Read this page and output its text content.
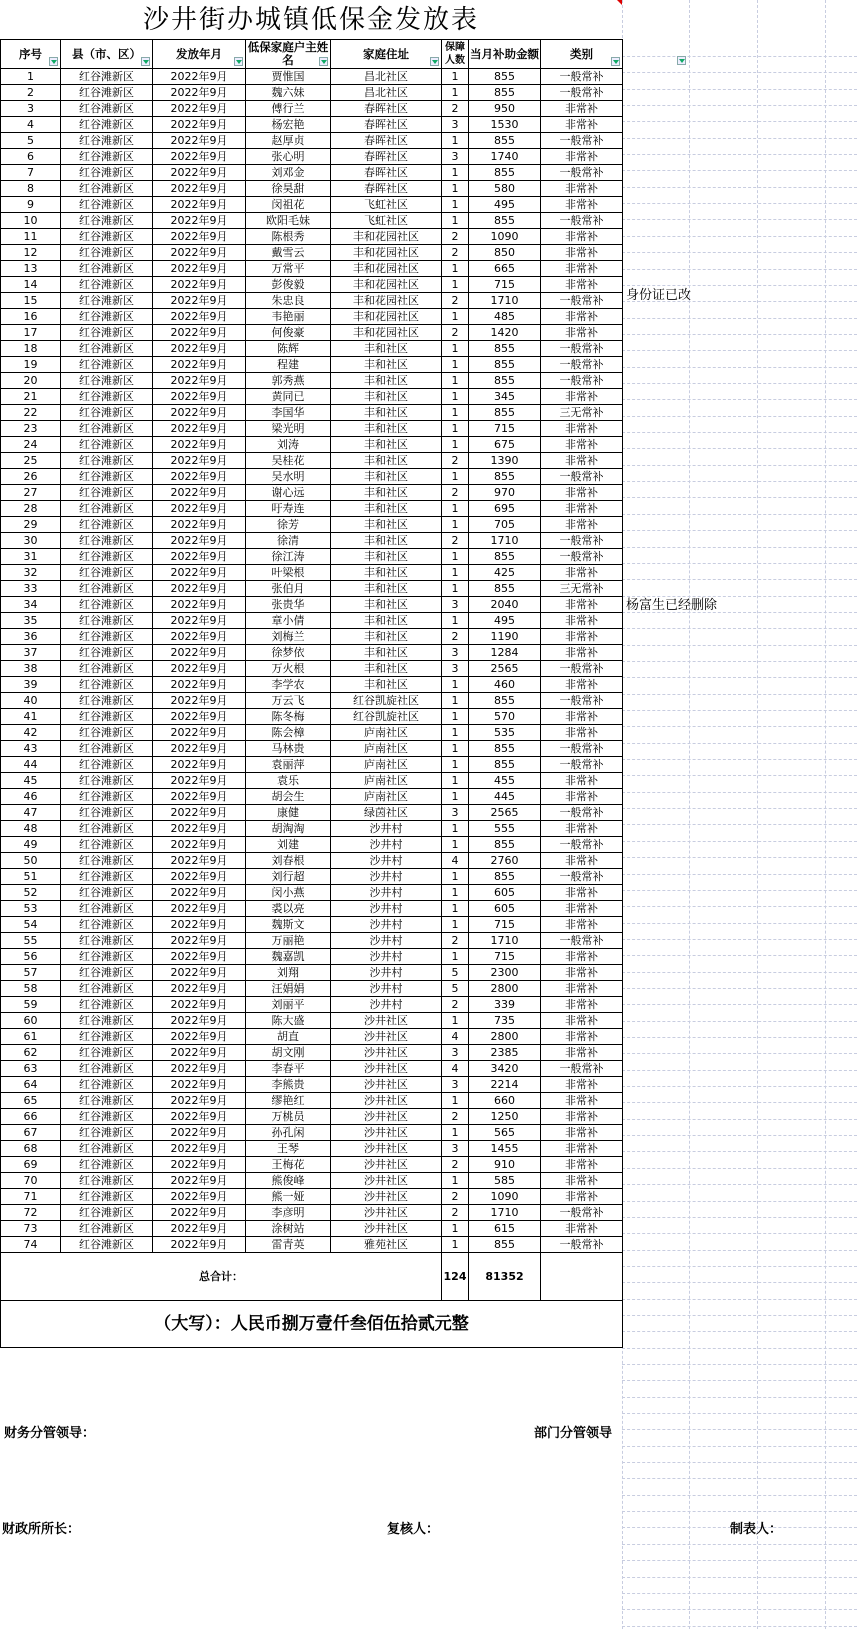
沙井街办城镇低保金发放表
序号	县（市、区）	发放年月	低保家庭户主姓名	家庭住址	保障人数	当月补助金额	类别

1	红谷滩新区	2022年9月	贾惟国	昌北社区	1	855	一般常补
2	红谷滩新区	2022年9月	魏六妹	昌北社区	1	855	一般常补
3	红谷滩新区	2022年9月	傅行兰	春晖社区	2	950	非常补
4	红谷滩新区	2022年9月	杨宏艳	春晖社区	3	1530	非常补
5	红谷滩新区	2022年9月	赵厚贞	春晖社区	1	855	一般常补
6	红谷滩新区	2022年9月	张心明	春晖社区	3	1740	非常补
7	红谷滩新区	2022年9月	刘邓金	春晖社区	1	855	一般常补
8	红谷滩新区	2022年9月	徐昊甜	春晖社区	1	580	非常补
9	红谷滩新区	2022年9月	闵祖花	飞虹社区	1	495	非常补
10	红谷滩新区	2022年9月	欧阳毛妹	飞虹社区	1	855	一般常补
11	红谷滩新区	2022年9月	陈根秀	丰和花园社区	2	1090	非常补
12	红谷滩新区	2022年9月	戴雪云	丰和花园社区	2	850	非常补
13	红谷滩新区	2022年9月	万常平	丰和花园社区	1	665	非常补
14	红谷滩新区	2022年9月	彭俊毅	丰和花园社区	1	715	非常补
15	红谷滩新区	2022年9月	朱忠良	丰和花园社区	2	1710	一般常补
16	红谷滩新区	2022年9月	韦艳丽	丰和花园社区	1	485	非常补
17	红谷滩新区	2022年9月	何俊豪	丰和花园社区	2	1420	非常补
18	红谷滩新区	2022年9月	陈辉	丰和社区	1	855	一般常补
19	红谷滩新区	2022年9月	程建	丰和社区	1	855	一般常补
20	红谷滩新区	2022年9月	郭秀燕	丰和社区	1	855	一般常补
21	红谷滩新区	2022年9月	黄同已	丰和社区	1	345	非常补
22	红谷滩新区	2022年9月	李国华	丰和社区	1	855	三无常补
23	红谷滩新区	2022年9月	梁光明	丰和社区	1	715	非常补
24	红谷滩新区	2022年9月	刘涛	丰和社区	1	675	非常补
25	红谷滩新区	2022年9月	吴桂花	丰和社区	2	1390	非常补
26	红谷滩新区	2022年9月	吴水明	丰和社区	1	855	一般常补
27	红谷滩新区	2022年9月	谢心远	丰和社区	2	970	非常补
28	红谷滩新区	2022年9月	吁寿连	丰和社区	1	695	非常补
29	红谷滩新区	2022年9月	徐芳	丰和社区	1	705	非常补
30	红谷滩新区	2022年9月	徐清	丰和社区	2	1710	一般常补
31	红谷滩新区	2022年9月	徐江涛	丰和社区	1	855	一般常补
32	红谷滩新区	2022年9月	叶梁根	丰和社区	1	425	非常补
33	红谷滩新区	2022年9月	张伯月	丰和社区	1	855	三无常补
34	红谷滩新区	2022年9月	张贵华	丰和社区	3	2040	非常补
35	红谷滩新区	2022年9月	章小倩	丰和社区	1	495	非常补
36	红谷滩新区	2022年9月	刘梅兰	丰和社区	2	1190	非常补
37	红谷滩新区	2022年9月	徐梦依	丰和社区	3	1284	非常补
38	红谷滩新区	2022年9月	万火根	丰和社区	3	2565	一般常补
39	红谷滩新区	2022年9月	李学农	丰和社区	1	460	非常补
40	红谷滩新区	2022年9月	万云飞	红谷凯旋社区	1	855	一般常补
41	红谷滩新区	2022年9月	陈冬梅	红谷凯旋社区	1	570	非常补
42	红谷滩新区	2022年9月	陈会樟	庐南社区	1	535	非常补
43	红谷滩新区	2022年9月	马林贵	庐南社区	1	855	一般常补
44	红谷滩新区	2022年9月	袁丽萍	庐南社区	1	855	一般常补
45	红谷滩新区	2022年9月	袁乐	庐南社区	1	455	非常补
46	红谷滩新区	2022年9月	胡会生	庐南社区	1	445	非常补
47	红谷滩新区	2022年9月	康健	绿茵社区	3	2565	一般常补
48	红谷滩新区	2022年9月	胡淘淘	沙井村	1	555	非常补
49	红谷滩新区	2022年9月	刘建	沙井村	1	855	一般常补
50	红谷滩新区	2022年9月	刘春根	沙井村	4	2760	非常补
51	红谷滩新区	2022年9月	刘行超	沙井村	1	855	一般常补
52	红谷滩新区	2022年9月	闵小燕	沙井村	1	605	非常补
53	红谷滩新区	2022年9月	裘以亮	沙井村	1	605	非常补
54	红谷滩新区	2022年9月	魏斯文	沙井村	1	715	非常补
55	红谷滩新区	2022年9月	万丽艳	沙井村	2	1710	一般常补
56	红谷滩新区	2022年9月	魏嘉凯	沙井村	1	715	非常补
57	红谷滩新区	2022年9月	刘翔	沙井村	5	2300	非常补
58	红谷滩新区	2022年9月	汪娟娟	沙井村	5	2800	非常补
59	红谷滩新区	2022年9月	刘丽平	沙井村	2	339	非常补
60	红谷滩新区	2022年9月	陈大盛	沙井社区	1	735	非常补
61	红谷滩新区	2022年9月	胡直	沙井社区	4	2800	非常补
62	红谷滩新区	2022年9月	胡文刚	沙井社区	3	2385	非常补
63	红谷滩新区	2022年9月	李春平	沙井社区	4	3420	一般常补
64	红谷滩新区	2022年9月	李熊贵	沙井社区	3	2214	非常补
65	红谷滩新区	2022年9月	缪艳红	沙井社区	1	660	非常补
66	红谷滩新区	2022年9月	万桃员	沙井社区	2	1250	非常补
67	红谷滩新区	2022年9月	孙孔闲	沙井社区	1	565	非常补
68	红谷滩新区	2022年9月	王琴	沙井社区	3	1455	非常补
69	红谷滩新区	2022年9月	王梅花	沙井社区	2	910	非常补
70	红谷滩新区	2022年9月	熊俊峰	沙井社区	1	585	非常补
71	红谷滩新区	2022年9月	熊一娅	沙井社区	2	1090	非常补
72	红谷滩新区	2022年9月	李彦明	沙井社区	2	1710	一般常补
73	红谷滩新区	2022年9月	涂树站	沙井社区	1	615	非常补
74	红谷滩新区	2022年9月	雷青英	雅苑社区	1	855	一般常补
总合计：					124	81352	
（大写）：人民币捌万壹仟叁佰伍拾贰元整							
身份证已改
杨富生已经删除
财务分管领导：	部门分管领导
财政所所长：	复核人：	制表人：
